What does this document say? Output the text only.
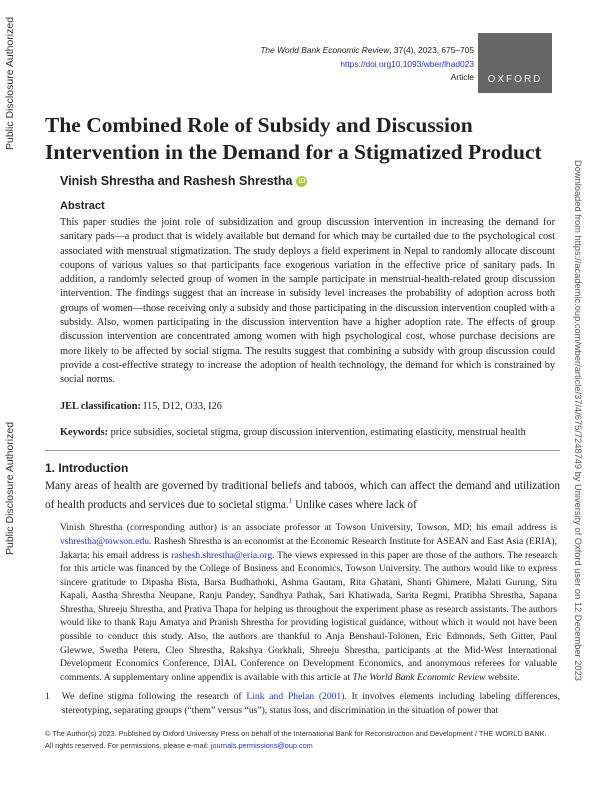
Public Disclosure Authorized
Public Disclosure Authorized	Downloaded from https://academic.oup.com/wber/article/37/4/675/7248749 by University of Oxford user on 12 December 2023
The World Bank Economic Review, 37(4), 2023, 675–705
https://doi.org10.1093/wber/lhad023
Article	OXFORD
The Combined Role of Subsidy and Discussion Intervention in the Demand for a Stigmatized Product
Vinish Shrestha and Rashesh Shrestha iD
Abstract
This paper studies the joint role of subsidization and group discussion intervention in increasing the demand for sanitary pads—a product that is widely available but demand for which may be curtailed due to the psychological cost associated with menstrual stigmatization. The study deploys a field experiment in Nepal to randomly allocate discount coupons of various values so that participants face exogenous variation in the effective price of sanitary pads. In addition, a randomly selected group of women in the sample participate in menstrual-health-related group discussion intervention. The findings suggest that an increase in subsidy level increases the probability of adoption across both groups of women—those receiving only a subsidy and those participating in the discussion intervention coupled with a subsidy. Also, women participating in the discussion intervention have a higher adoption rate. The effects of group discussion intervention are concentrated among women with high psychological cost, whose purchase decisions are more likely to be affected by social stigma. The results suggest that combining a subsidy with group discussion could provide a cost-effective strategy to increase the adoption of health technology, the demand for which is constrained by social norms.
JEL classification: I15, D12, O33, I26
Keywords: price subsidies, societal stigma, group discussion intervention, estimating elasticity, menstrual health
1. Introduction
Many areas of health are governed by traditional beliefs and taboos, which can affect the demand and utilization of health products and services due to societal stigma.$^1$ Unlike cases where lack of
Vinish Shrestha (corresponding author) is an associate professor at Towson University, Towson, MD; his email address is vshrestha@towson.edu. Rashesh Shrestha is an economist at the Economic Research Institute for ASEAN and East Asia (ERIA), Jakarta; his email address is rashesh.shrestha@eria.org. The views expressed in this paper are those of the authors. The research for this article was financed by the College of Business and Economics, Towson University. The authors would like to express sincere gratitude to Dipasha Bista, Barsa Budhathoki, Ashma Gautam, Rita Ghatani, Shanti Ghimere, Malati Gurung, Situ Kapali, Aastha Shrestha Neupane, Ranju Pandey, Sandhya Pathak, Sari Khatiwada, Sarita Regmi, Pratibha Shrestha, Sapana Shrestha, Shreeju Shrestha, and Prativa Thapa for helping us throughout the experiment phase as research assistants. The authors would like to thank Raju Amatya and Pranish Shrestha for providing logistical guidance, without which it would not have been possible to conduct this study. Also, the authors are thankful to Anja Benshaul-Tolonen, Eric Edmonds, Seth Gitter, Paul Glewwe, Swetha Peteru, Cleo Shrestha, Rakshya Gorkhali, Shreeju Shrestha, participants at the Mid-West International Development Economics Conference, DIAL Conference on Development Economics, and anonymous referees for valuable comments. A supplementary online appendix is available with this article at The World Bank Economic Review website.
1 We define stigma following the research of Link and Phelan (2001). It involves elements including labeling differences, stereotyping, separating groups (“them” versus “us”), status loss, and discrimination in the situation of power that
© The Author(s) 2023. Published by Oxford University Press on behalf of the International Bank for Reconstruction and Development / THE WORLD BANK.
All rights reserved. For permissions, please e-mail: journals.permissions@oup.com
